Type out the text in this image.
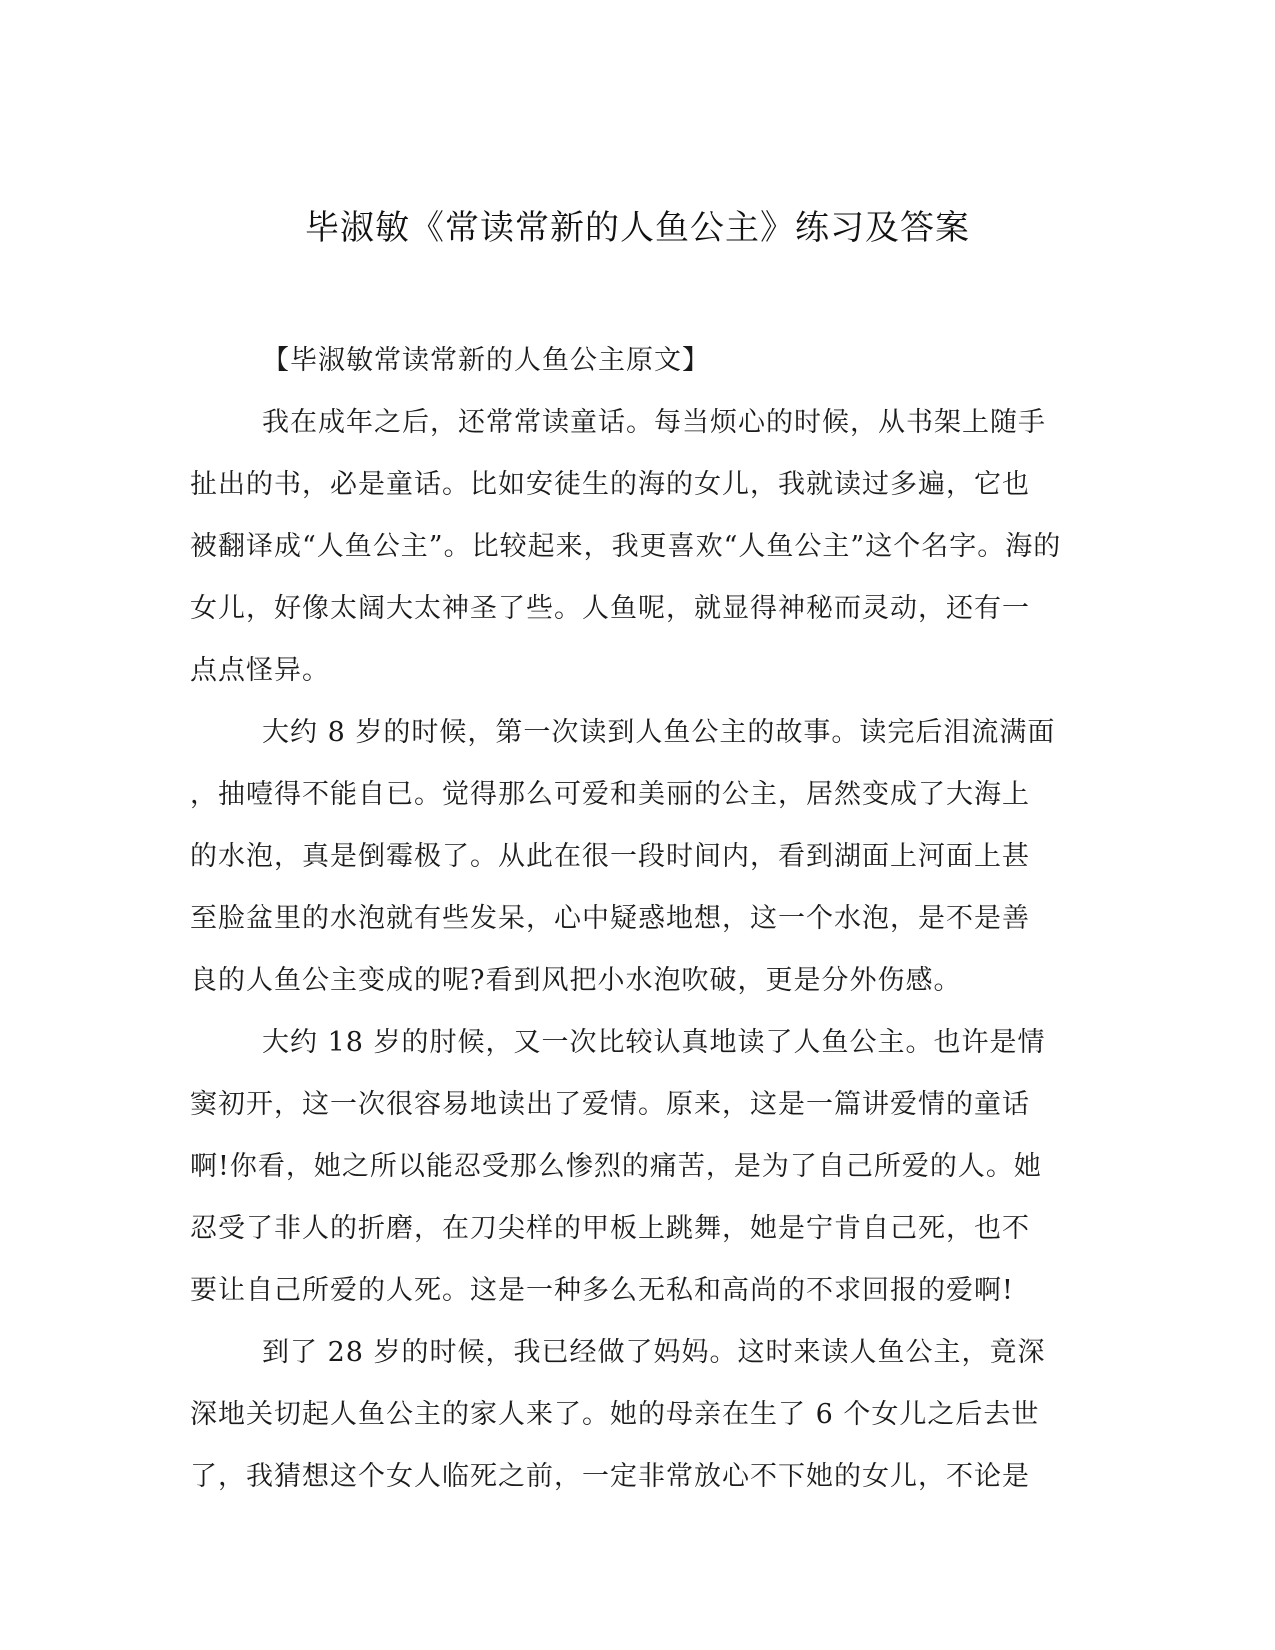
毕淑敏《常读常新的人鱼公主》练习及答案
【毕淑敏常读常新的人鱼公主原文】
我在成年之后，还常常读童话。每当烦心的时候，从书架上随手
扯出的书，必是童话。比如安徒生的海的女儿，我就读过多遍，它也
被翻译成“人鱼公主”。比较起来，我更喜欢“人鱼公主”这个名字。海的
女儿，好像太阔大太神圣了些。人鱼呢，就显得神秘而灵动，还有一
点点怪异。
大约 8 岁的时候，第一次读到人鱼公主的故事。读完后泪流满面
，抽噎得不能自已。觉得那么可爱和美丽的公主，居然变成了大海上
的水泡，真是倒霉极了。从此在很一段时间内，看到湖面上河面上甚
至脸盆里的水泡就有些发呆，心中疑惑地想，这一个水泡，是不是善
良的人鱼公主变成的呢?看到风把小水泡吹破，更是分外伤感。
大约 18 岁的肘候，又一次比较认真地读了人鱼公主。也许是情
窦初开，这一次很容易地读出了爱情。原来，这是一篇讲爱情的童话
啊!你看，她之所以能忍受那么惨烈的痛苦，是为了自己所爱的人。她
忍受了非人的折磨，在刀尖样的甲板上跳舞，她是宁肯自己死，也不
要让自己所爱的人死。这是一种多么无私和高尚的不求回报的爱啊!
到了 28 岁的时候，我已经做了妈妈。这时来读人鱼公主，竟深
深地关切起人鱼公主的家人来了。她的母亲在生了 6 个女儿之后去世
了，我猜想这个女人临死之前，一定非常放心不下她的女儿，不论是
